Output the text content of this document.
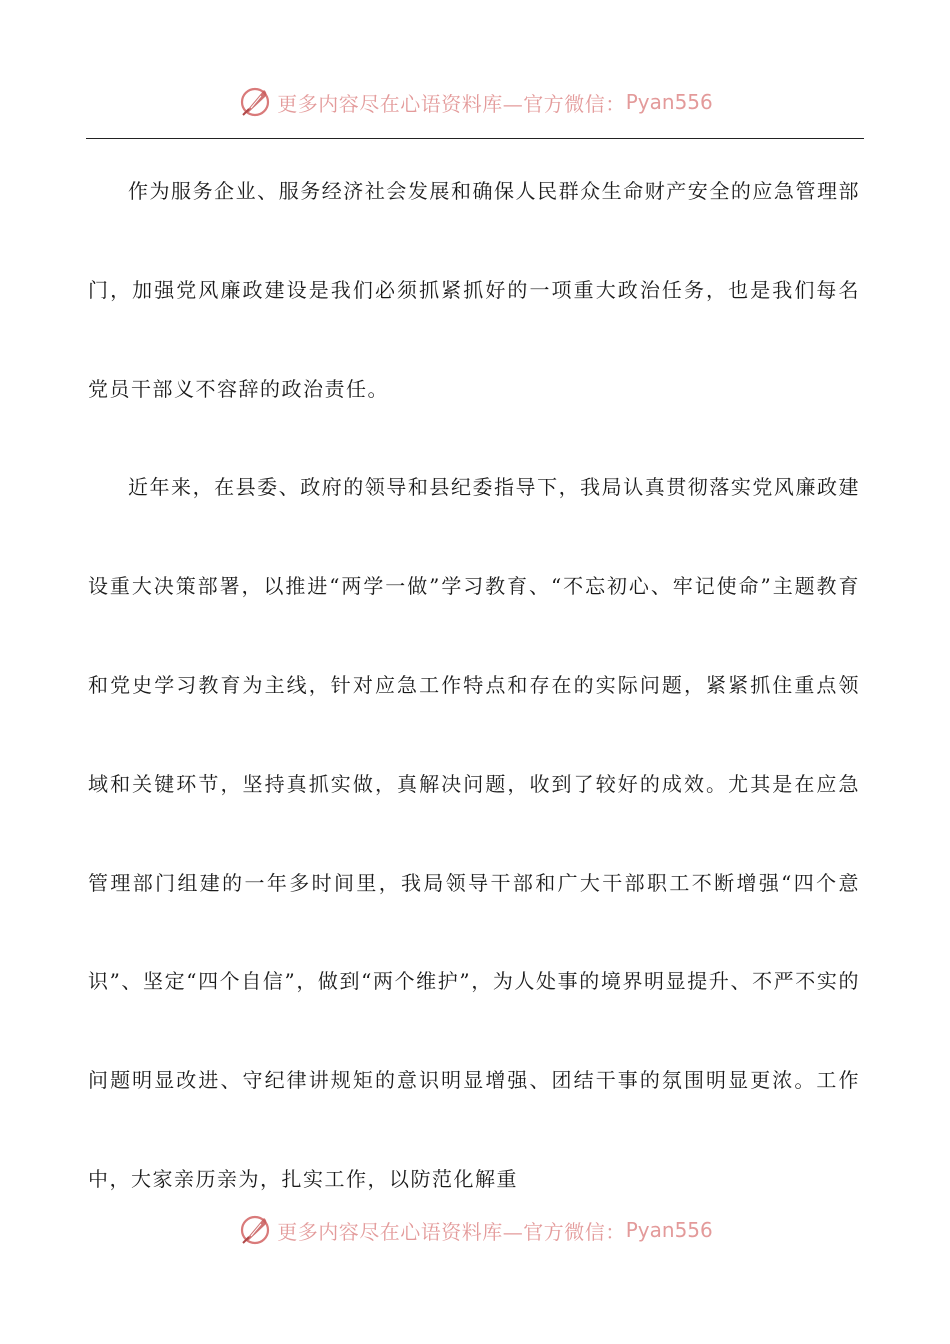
更多内容尽在心语资料库—官方微信： Pyan556

作为服务企业、服务经济社会发展和确保人民群众生命财产安全的应急管理部门，加强党风廉政建设是我们必须抓紧抓好的一项重大政治任务，也是我们每名党员干部义不容辞的政治责任。

近年来，在县委、政府的领导和县纪委指导下，我局认真贯彻落实党风廉政建设重大决策部署，以推进“两学一做”学习教育、“不忘初心、牢记使命”主题教育和党史学习教育为主线，针对应急工作特点和存在的实际问题，紧紧抓住重点领域和关键环节，坚持真抓实做，真解决问题，收到了较好的成效。尤其是在应急管理部门组建的一年多时间里，我局领导干部和广大干部职工不断增强“四个意识”、坚定“四个自信”，做到“两个维护”，为人处事的境界明显提升、不严不实的问题明显改进、守纪律讲规矩的意识明显增强、团结干事的氛围明显更浓。工作中，大家亲历亲为，扎实工作，以防范化解重

更多内容尽在心语资料库—官方微信： Pyan556
